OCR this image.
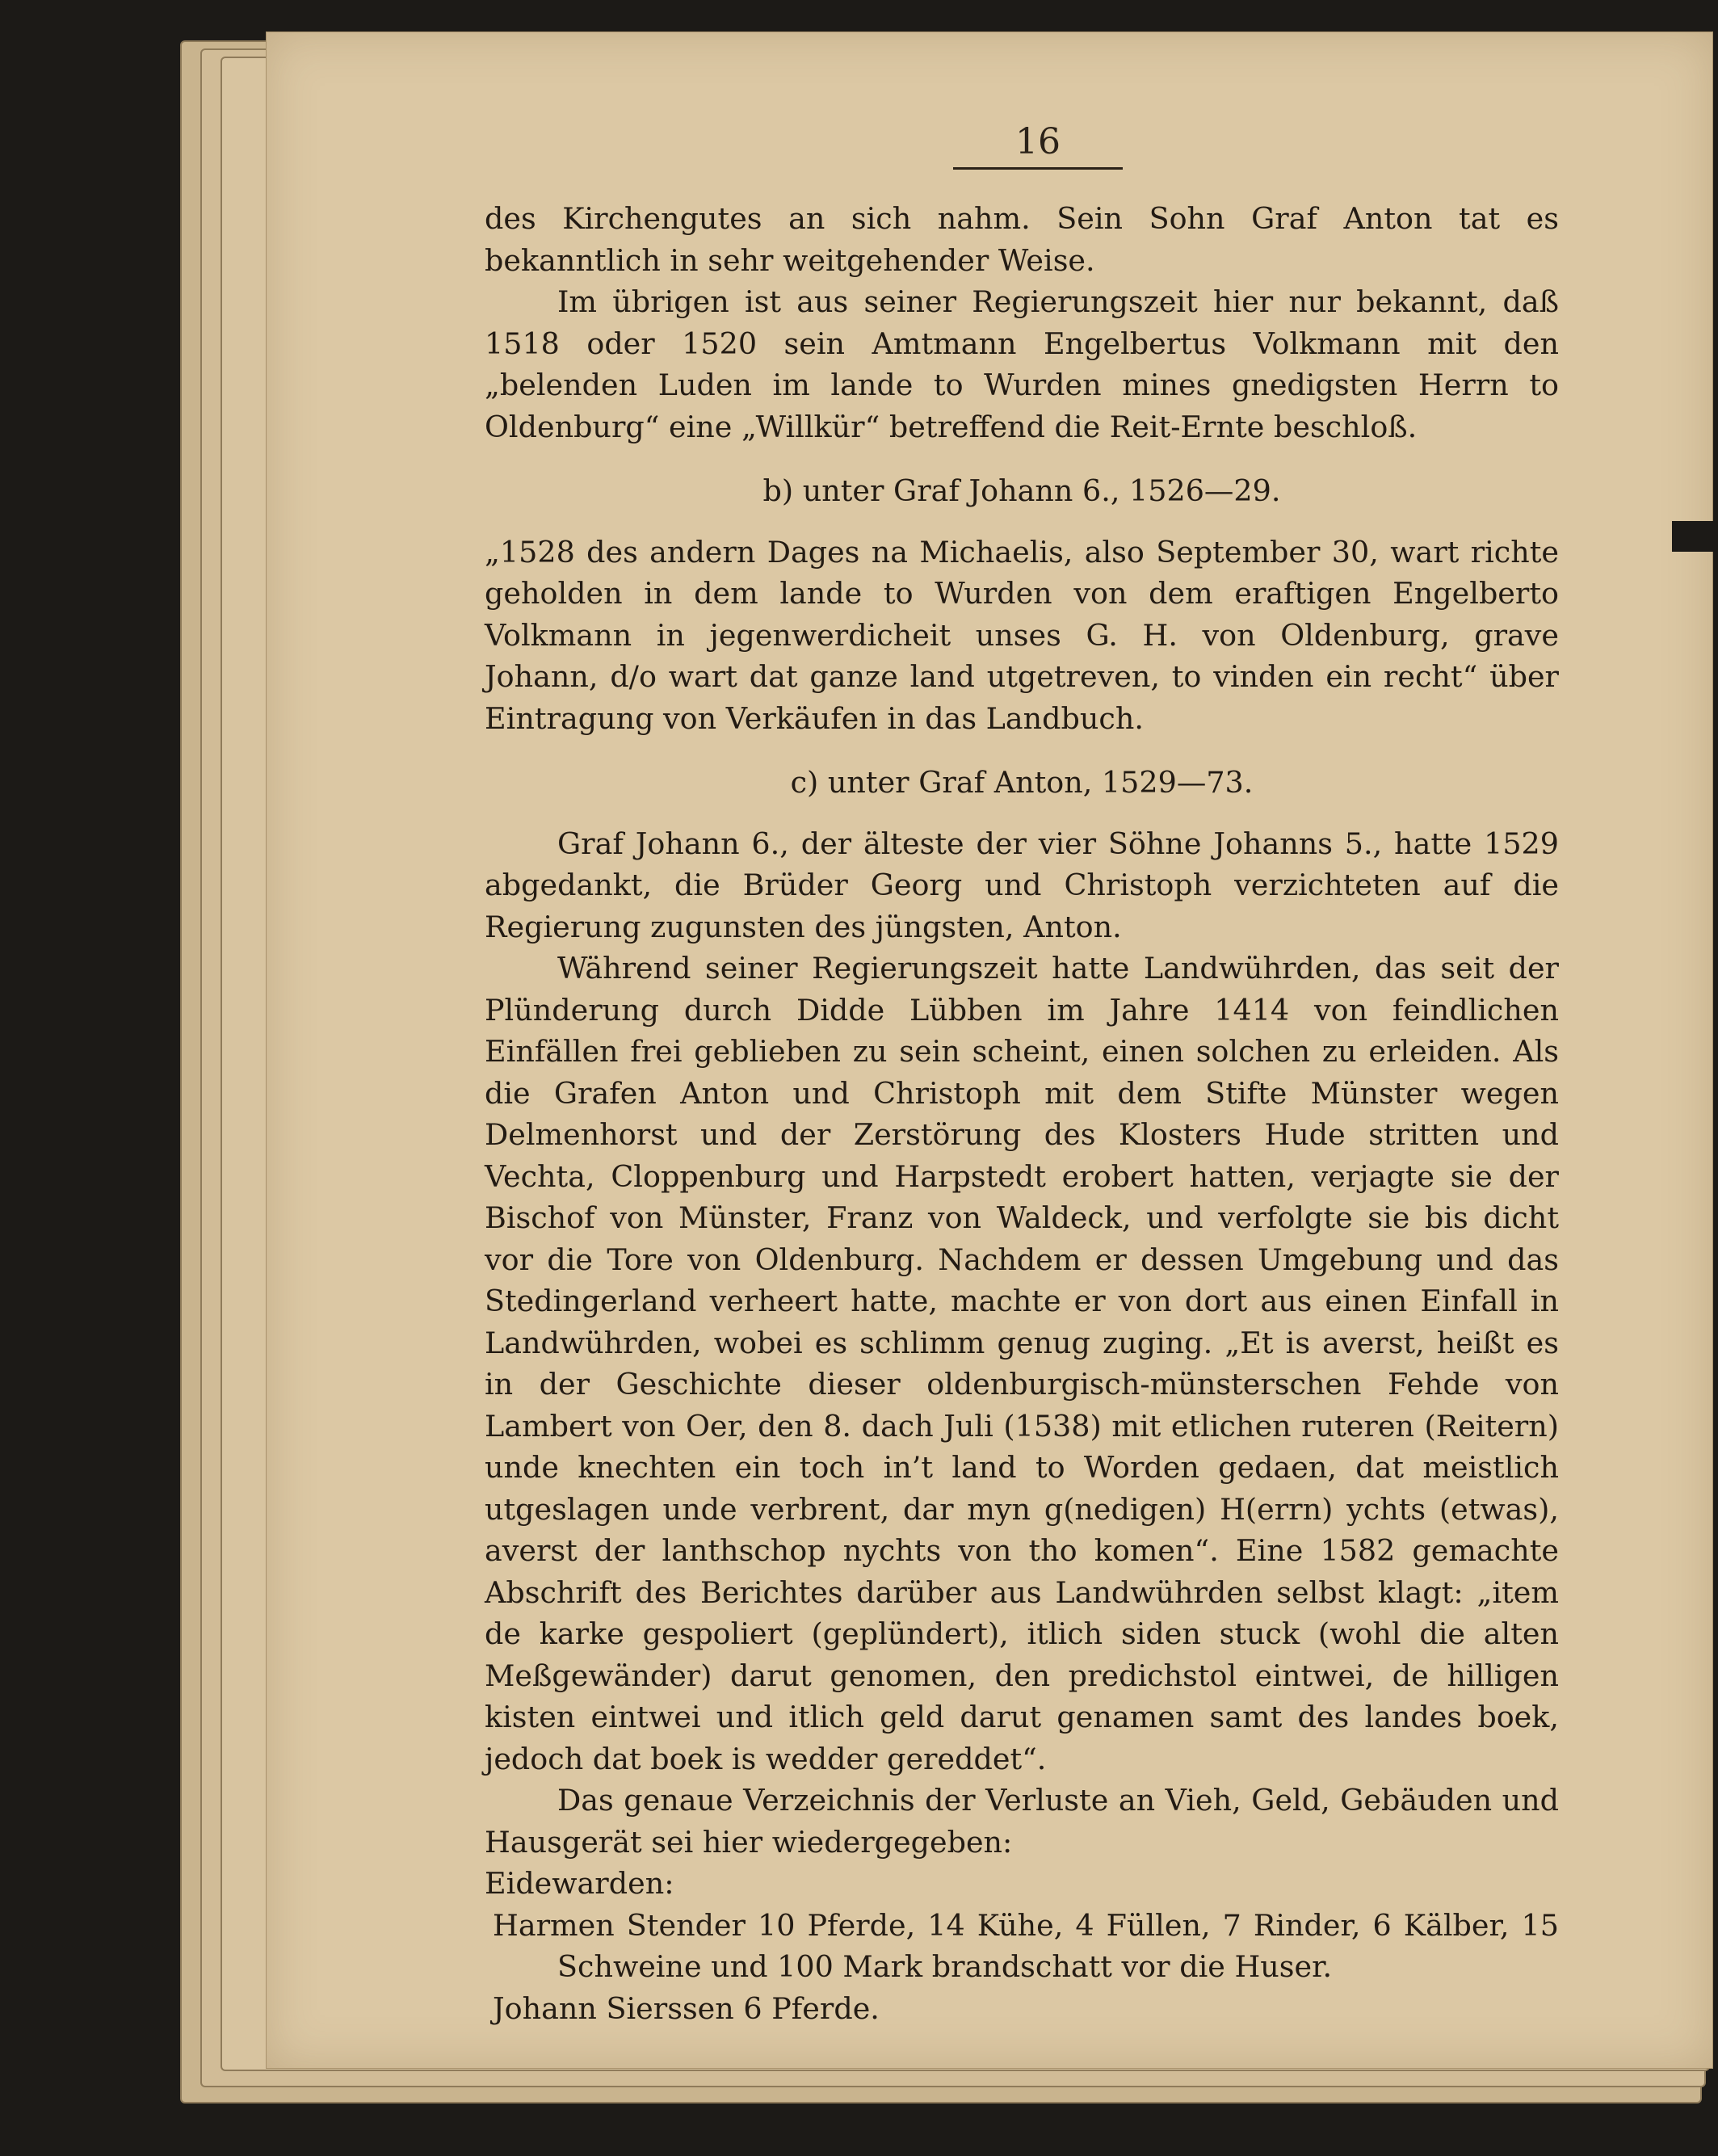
16

des Kirchengutes an sich nahm. Sein Sohn Graf Anton tat es bekanntlich in sehr weitgehender Weise.

Im übrigen ist aus seiner Regierungszeit hier nur bekannt, daß 1518 oder 1520 sein Amtmann Engelbertus Volkmann mit den „belenden Luden im lande to Wurden mines gnedigsten Herrn to Oldenburg“ eine „Willkür“ betreffend die Reit-Ernte beschloß.

b) unter Graf Johann 6., 1526—29.

„1528 des andern Dages na Michaelis, also September 30, wart richte geholden in dem lande to Wurden von dem eraftigen Engelberto Volkmann in jegenwerdicheit unses G. H. von Oldenburg, grave Johann, d/o wart dat ganze land utgetreven, to vinden ein recht“ über Eintragung von Verkäufen in das Landbuch.

c) unter Graf Anton, 1529—73.

Graf Johann 6., der älteste der vier Söhne Johanns 5., hatte 1529 abgedankt, die Brüder Georg und Christoph verzichteten auf die Regierung zugunsten des jüngsten, Anton.

Während seiner Regierungszeit hatte Landwührden, das seit der Plünderung durch Didde Lübben im Jahre 1414 von feindlichen Einfällen frei geblieben zu sein scheint, einen solchen zu erleiden. Als die Grafen Anton und Christoph mit dem Stifte Münster wegen Delmenhorst und der Zerstörung des Klosters Hude stritten und Vechta, Cloppenburg und Harpstedt erobert hatten, verjagte sie der Bischof von Münster, Franz von Waldeck, und verfolgte sie bis dicht vor die Tore von Oldenburg. Nachdem er dessen Umgebung und das Stedingerland verheert hatte, machte er von dort aus einen Einfall in Landwührden, wobei es schlimm genug zuging. „Et is averst, heißt es in der Geschichte dieser oldenburgisch-münsterschen Fehde von Lambert von Oer, den 8. dach Juli (1538) mit etlichen ruteren (Reitern) unde knechten ein toch in’t land to Worden gedaen, dat meistlich utgeslagen unde verbrent, dar myn g(nedigen) H(errn) ychts (etwas), averst der lanthschop nychts von tho komen“. Eine 1582 gemachte Abschrift des Berichtes darüber aus Landwührden selbst klagt: „item de karke gespoliert (geplündert), itlich siden stuck (wohl die alten Meßgewänder) darut genomen, den predichstol eintwei, de hilligen kisten eintwei und itlich geld darut genamen samt des landes boek, jedoch dat boek is wedder gereddet“.

Das genaue Verzeichnis der Verluste an Vieh, Geld, Gebäuden und Hausgerät sei hier wiedergegeben:

Eidewarden:

Harmen Stender 10 Pferde, 14 Kühe, 4 Füllen, 7 Rinder, 6 Kälber, 15 Schweine und 100 Mark brandschatt vor die Huser.

Johann Sierssen 6 Pferde.
